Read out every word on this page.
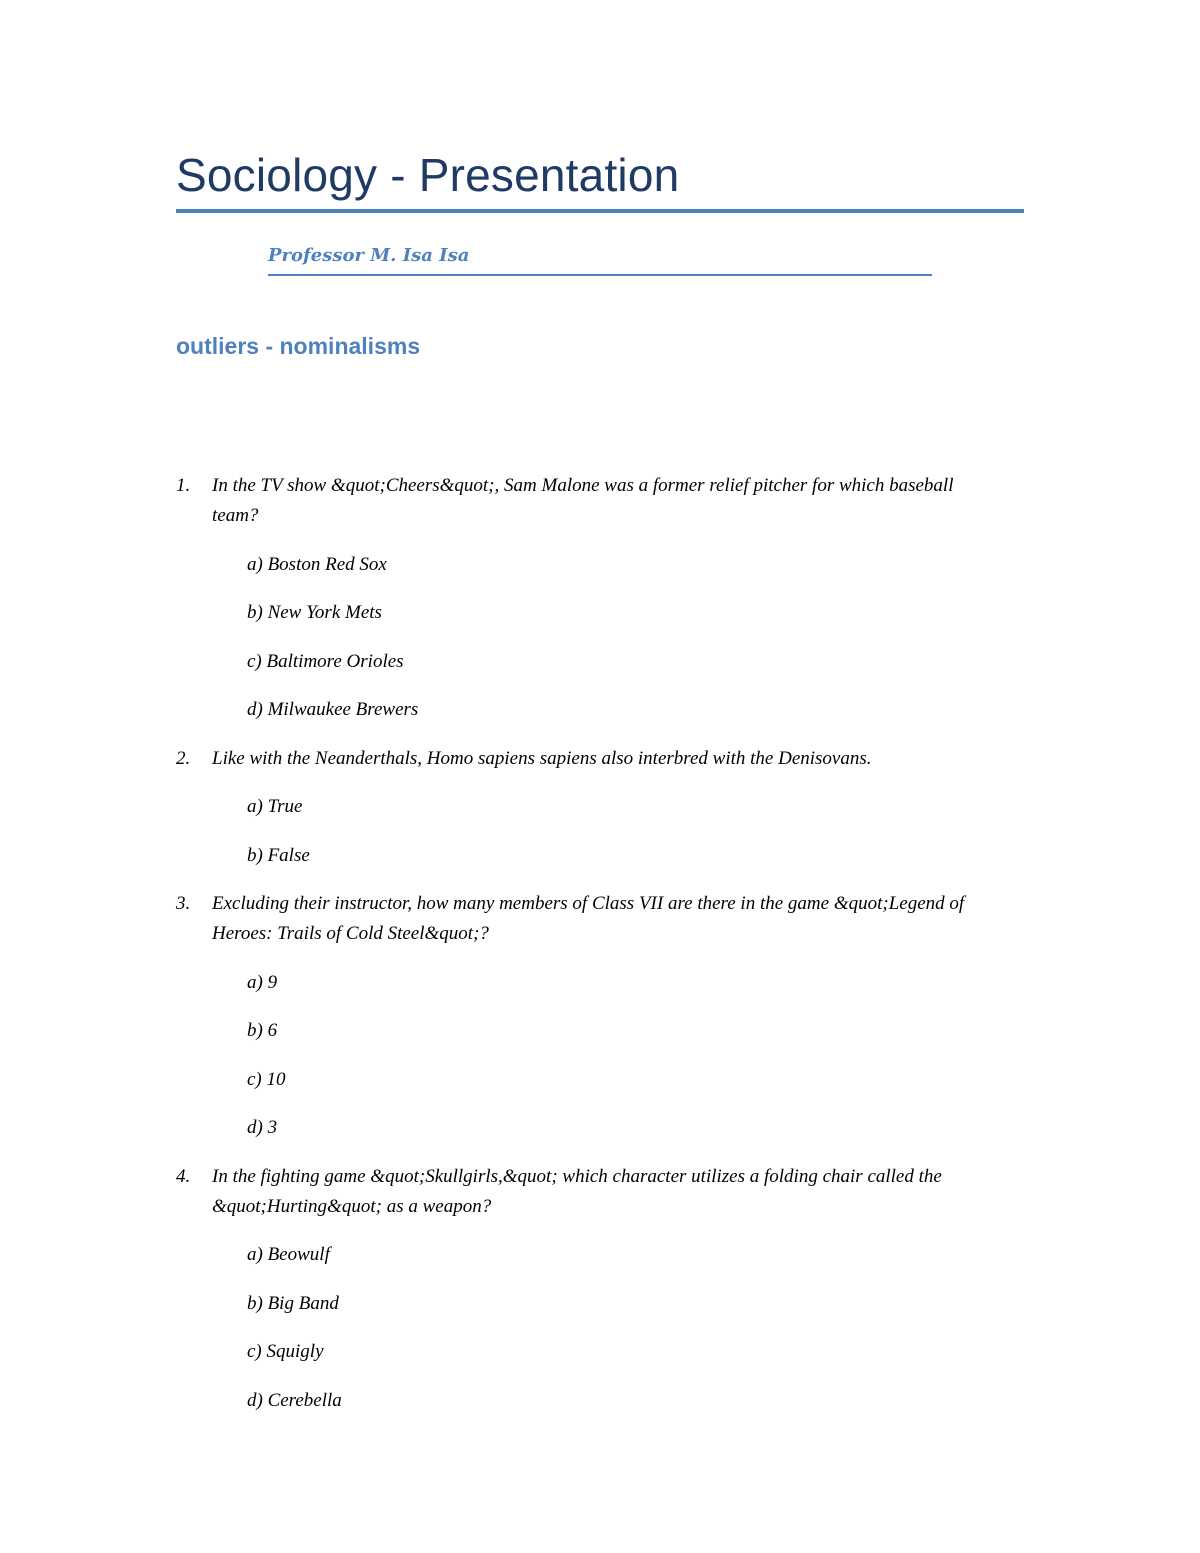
Sociology - Presentation
Professor M. Isa Isa
outliers - nominalisms
1.	In the TV show &quot;Cheers&quot;, Sam Malone was a former relief pitcher for which baseball team?
a) Boston Red Sox
b) New York Mets
c) Baltimore Orioles
d) Milwaukee Brewers
2.	Like with the Neanderthals, Homo sapiens sapiens also interbred with the Denisovans.
a) True
b) False
3.	Excluding their instructor, how many members of Class VII are there in the game &quot;Legend of Heroes: Trails of Cold Steel&quot;?
a) 9
b) 6
c) 10
d) 3
4.	In the fighting game &quot;Skullgirls,&quot; which character utilizes a folding chair called the &quot;Hurting&quot; as a weapon?
a) Beowulf
b) Big Band
c) Squigly
d) Cerebella
